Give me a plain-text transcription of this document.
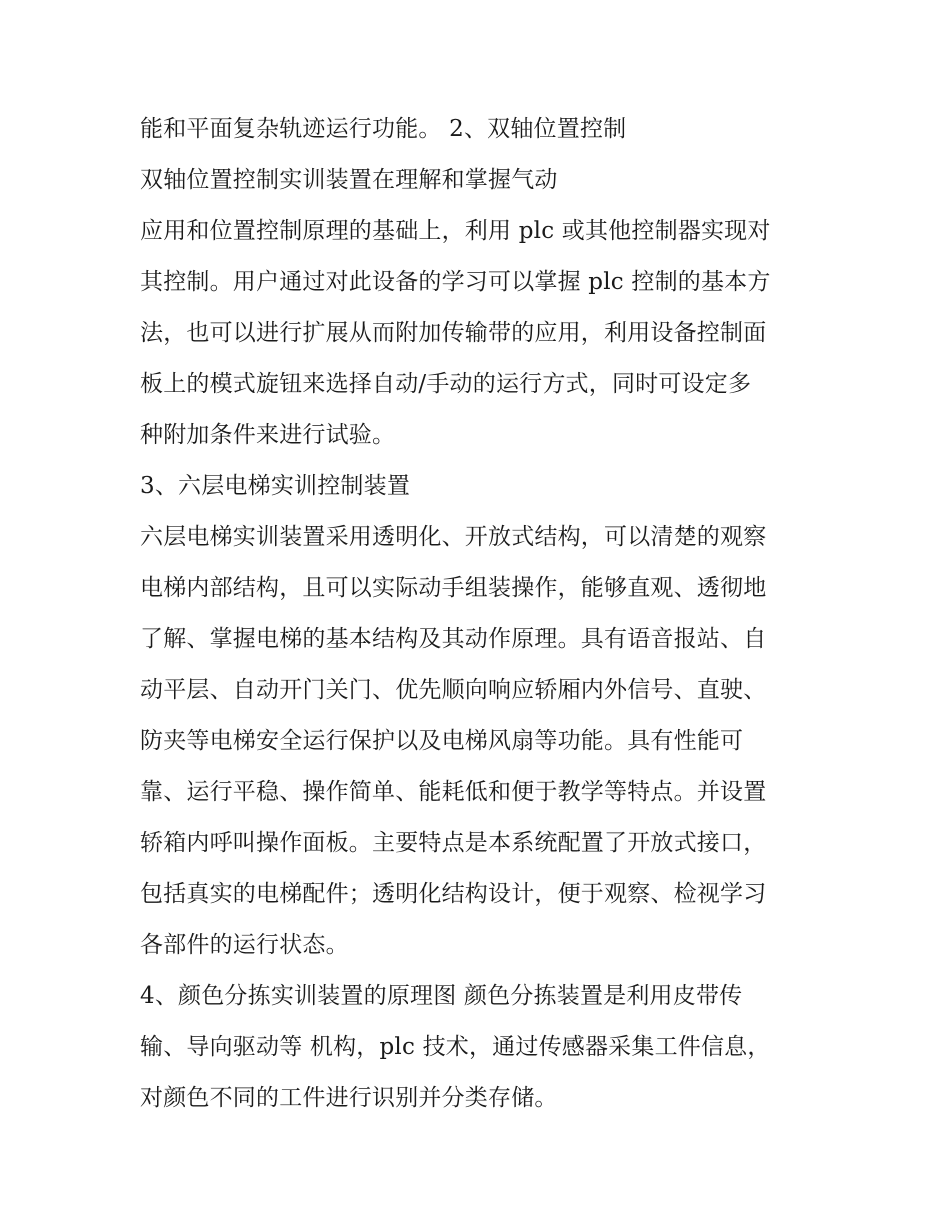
能和平面复杂轨迹运行功能。 2、双轴位置控制
双轴位置控制实训装置在理解和掌握气动
应用和位置控制原理的基础上，利用 plc 或其他控制器实现对
其控制。用户通过对此设备的学习可以掌握 plc 控制的基本方
法，也可以进行扩展从而附加传输带的应用，利用设备控制面
板上的模式旋钮来选择自动/手动的运行方式，同时可设定多
种附加条件来进行试验。
3、六层电梯实训控制装置
六层电梯实训装置采用透明化、开放式结构，可以清楚的观察
电梯内部结构，且可以实际动手组装操作，能够直观、透彻地
了解、掌握电梯的基本结构及其动作原理。具有语音报站、自
动平层、自动开门关门、优先顺向响应轿厢内外信号、直驶、
防夹等电梯安全运行保护以及电梯风扇等功能。具有性能可
靠、运行平稳、操作简单、能耗低和便于教学等特点。并设置
轿箱内呼叫操作面板。主要特点是本系统配置了开放式接口，
包括真实的电梯配件；透明化结构设计，便于观察、检视学习
各部件的运行状态。
4、颜色分拣实训装置的原理图 颜色分拣装置是利用皮带传
输、导向驱动等 机构，plc 技术，通过传感器采集工件信息，
对颜色不同的工件进行识别并分类存储。
